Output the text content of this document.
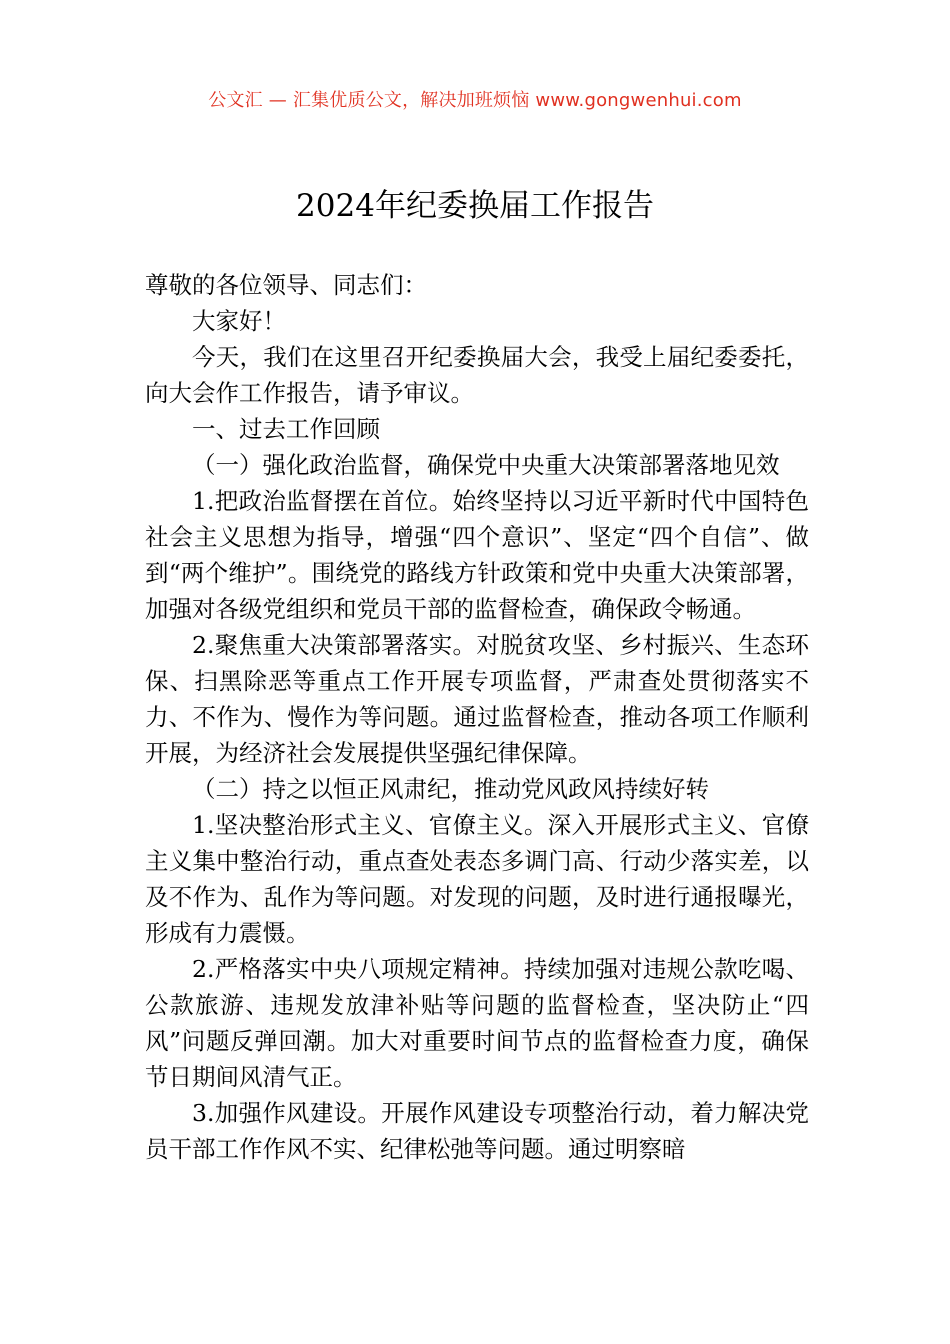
公文汇 — 汇集优质公文，解决加班烦恼 www.gongwenhui.com
2024年纪委换届工作报告

尊敬的各位领导、同志们：

大家好！

今天，我们在这里召开纪委换届大会，我受上届纪委委托，向大会作工作报告，请予审议。

一、过去工作回顾

（一）强化政治监督，确保党中央重大决策部署落地见效

1.把政治监督摆在首位。始终坚持以习近平新时代中国特色社会主义思想为指导，增强“四个意识”、坚定“四个自信”、做到“两个维护”。围绕党的路线方针政策和党中央重大决策部署，加强对各级党组织和党员干部的监督检查，确保政令畅通。

2.聚焦重大决策部署落实。对脱贫攻坚、乡村振兴、生态环保、扫黑除恶等重点工作开展专项监督，严肃查处贯彻落实不力、不作为、慢作为等问题。通过监督检查，推动各项工作顺利开展，为经济社会发展提供坚强纪律保障。

（二）持之以恒正风肃纪，推动党风政风持续好转

1.坚决整治形式主义、官僚主义。深入开展形式主义、官僚主义集中整治行动，重点查处表态多调门高、行动少落实差，以及不作为、乱作为等问题。对发现的问题，及时进行通报曝光，形成有力震慑。

2.严格落实中央八项规定精神。持续加强对违规公款吃喝、公款旅游、违规发放津补贴等问题的监督检查，坚决防止“四风”问题反弹回潮。加大对重要时间节点的监督检查力度，确保节日期间风清气正。

3.加强作风建设。开展作风建设专项整治行动，着力解决党员干部工作作风不实、纪律松弛等问题。通过明察暗
